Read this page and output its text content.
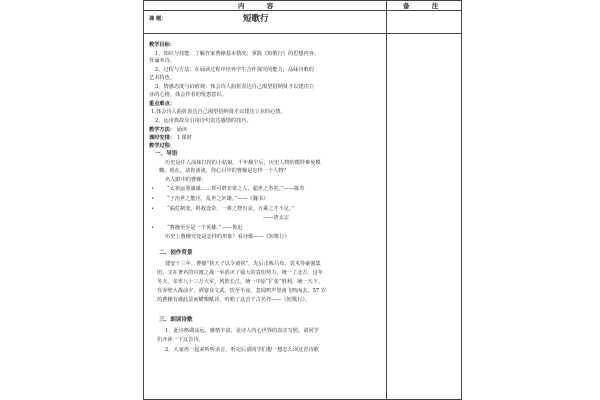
内 容	备 注
课 题：	短歌行
教学目标：
1、知识与技能：了解作家曹操基本情况；掌握《短歌行》的思想内容；
背诵本诗。
2、过程与方法：在诵读过程中培养学生合作探究的能力，品味诗歌的
艺术特色。
3、情感态度与价值观：体会诗人曲折表达自己渴望招纳贤才以建功立
业的心情，体会作者的忧患意识。
重点难点：
1.体会诗人曲折表达自己渴望招纳贤才以建功立业的心情。
2、运用典故及引用诗句表达感情的技巧。
教学方法： 诵读
课时安排： 1 课时
教学过程：
一、导语
历史是任人涂抹打扮的小姑娘。千年烟尘后，历史人物的模样难免模
糊。现在，请你谈谈，你心目中的曹操是怎样一个人物？
名人眼中的曹操：
•	“太祖运筹演谋……挥可谓非常之人，超世之杰矣。”——陈寿
•	“子治世之能臣，乱世之奸雄。”——《魏书》
•	“临危制变，料敌设奇，一将之智有余，万乘之才不足。”
——唐太宗
•	“曹操至少是一个英雄。”——鲁迅
历史上曹操究竟是怎样的形象？看诗歌——《短歌行》
二、创作背景
建安十三年，曹操“挟天子以令诸侯”，先后击败吕布、袁术等豪强集
团，又在著名的官渡之战一举消灭了强大的袁绍势力，统一了北方。这年
冬天，亲率八十三万大军，列阵长江，统一中原“扩张”胜利，统一天下。
在赤壁大战前夕，酒宴众文武，饮至半夜，忽闻鸦声望南飞鸣而去。57 岁
的曹操有感此景而横槊赋诗，吟唱了这首千古名作——《短歌行》。
三、朗读诗歌
1、此诗格调高远，感情丰富，是诗人内心世界的真实写照。请同学
们齐读一下这首诗。
2、大家再一起来听听录音，听完后请同学们想一想怎么读这首诗歌
